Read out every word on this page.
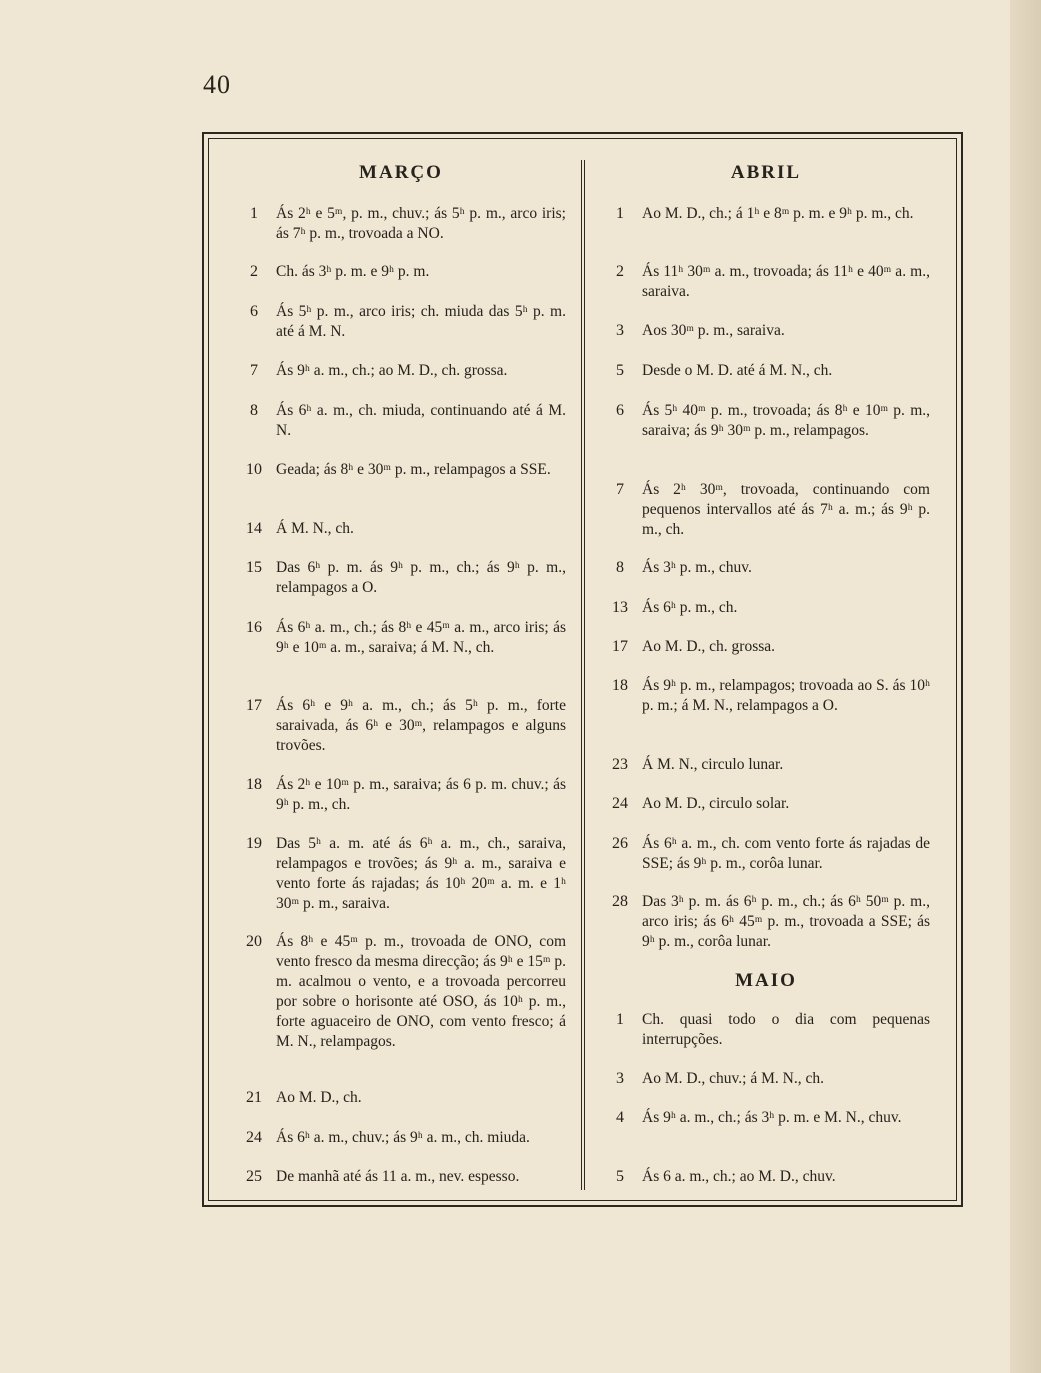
40
MARÇO
1	Ás 2ʰ e 5ᵐ, p. m., chuv.; ás 5ʰ p. m., arco iris; ás 7ʰ p. m., trovoada a NO.
2	Ch. ás 3ʰ p. m. e 9ʰ p. m.
6	Ás 5ʰ p. m., arco iris; ch. miuda das 5ʰ p. m. até á M. N.
7	Ás 9ʰ a. m., ch.; ao M. D., ch. grossa.
8	Ás 6ʰ a. m., ch. miuda, continuando até á M. N.
10 Geada; ás 8ʰ e 30ᵐ p. m., relampagos a SSE.
14 Á M. N., ch.
15 Das 6ʰ p. m. ás 9ʰ p. m., ch.; ás 9ʰ p. m., relampagos a O.
16 Ás 6ʰ a. m., ch.; ás 8ʰ e 45ᵐ a. m., arco iris; ás 9ʰ e 10ᵐ a. m., saraiva; á M. N., ch.
17 Ás 6ʰ e 9ʰ a. m., ch.; ás 5ʰ p. m., forte saraivada, ás 6ʰ e 30ᵐ, relampagos e alguns trovões.
18 Ás 2ʰ e 10ᵐ p. m., saraiva; ás 6 p. m. chuv.; ás 9ʰ p. m., ch.
19 Das 5ʰ a. m. até ás 6ʰ a. m., ch., saraiva, relampagos e trovões; ás 9ʰ a. m., saraiva e vento forte ás rajadas; ás 10ʰ 20ᵐ a. m. e 1ʰ 30ᵐ p. m., saraiva.
20 Ás 8ʰ e 45ᵐ p. m., trovoada de ONO, com vento fresco da mesma direcção; ás 9ʰ e 15ᵐ p. m. acalmou o vento, e a trovoada percorreu por sobre o horisonte até OSO, ás 10ʰ p. m., forte aguaceiro de ONO, com vento fresco; á M. N., relampagos.
21 Ao M. D., ch.
24 Ás 6ʰ a. m., chuv.; ás 9ʰ a. m., ch. miuda.
25 De manhã até ás 11 a. m., nev. espesso.
ABRIL
1	Ao M. D., ch.; á 1ʰ e 8ᵐ p. m. e 9ʰ p. m., ch.
2	Ás 11ʰ 30ᵐ a. m., trovoada; ás 11ʰ e 40ᵐ a. m., saraiva.
3	Aos 30ᵐ p. m., saraiva.
5	Desde o M. D. até á M. N., ch.
6	Ás 5ʰ 40ᵐ p. m., trovoada; ás 8ʰ e 10ᵐ p. m., saraiva; ás 9ʰ 30ᵐ p. m., relampagos.
7	Ás 2ʰ 30ᵐ, trovoada, continuando com pequenos intervallos até ás 7ʰ a. m.; ás 9ʰ p. m., ch.
8	Ás 3ʰ p. m., chuv.
13 Ás 6ʰ p. m., ch.
17 Ao M. D., ch. grossa.
18 Ás 9ʰ p. m., relampagos; trovoada ao S. ás 10ʰ p. m.; á M. N., relampagos a O.
23 Á M. N., circulo lunar.
24 Ao M. D., circulo solar.
26 Ás 6ʰ a. m., ch. com vento forte ás rajadas de SSE; ás 9ʰ p. m., corôa lunar.
28 Das 3ʰ p. m. ás 6ʰ p. m., ch.; ás 6ʰ 50ᵐ p. m., arco iris; ás 6ʰ 45ᵐ p. m., trovoada a SSE; ás 9ʰ p. m., corôa lunar.
MAIO
1	Ch. quasi todo o dia com pequenas interrupções.
3	Ao M. D., chuv.; á M. N., ch.
4	Ás 9ʰ a. m., ch.; ás 3ʰ p. m. e M. N., chuv.
5	Ás 6 a. m., ch.; ao M. D., chuv.
